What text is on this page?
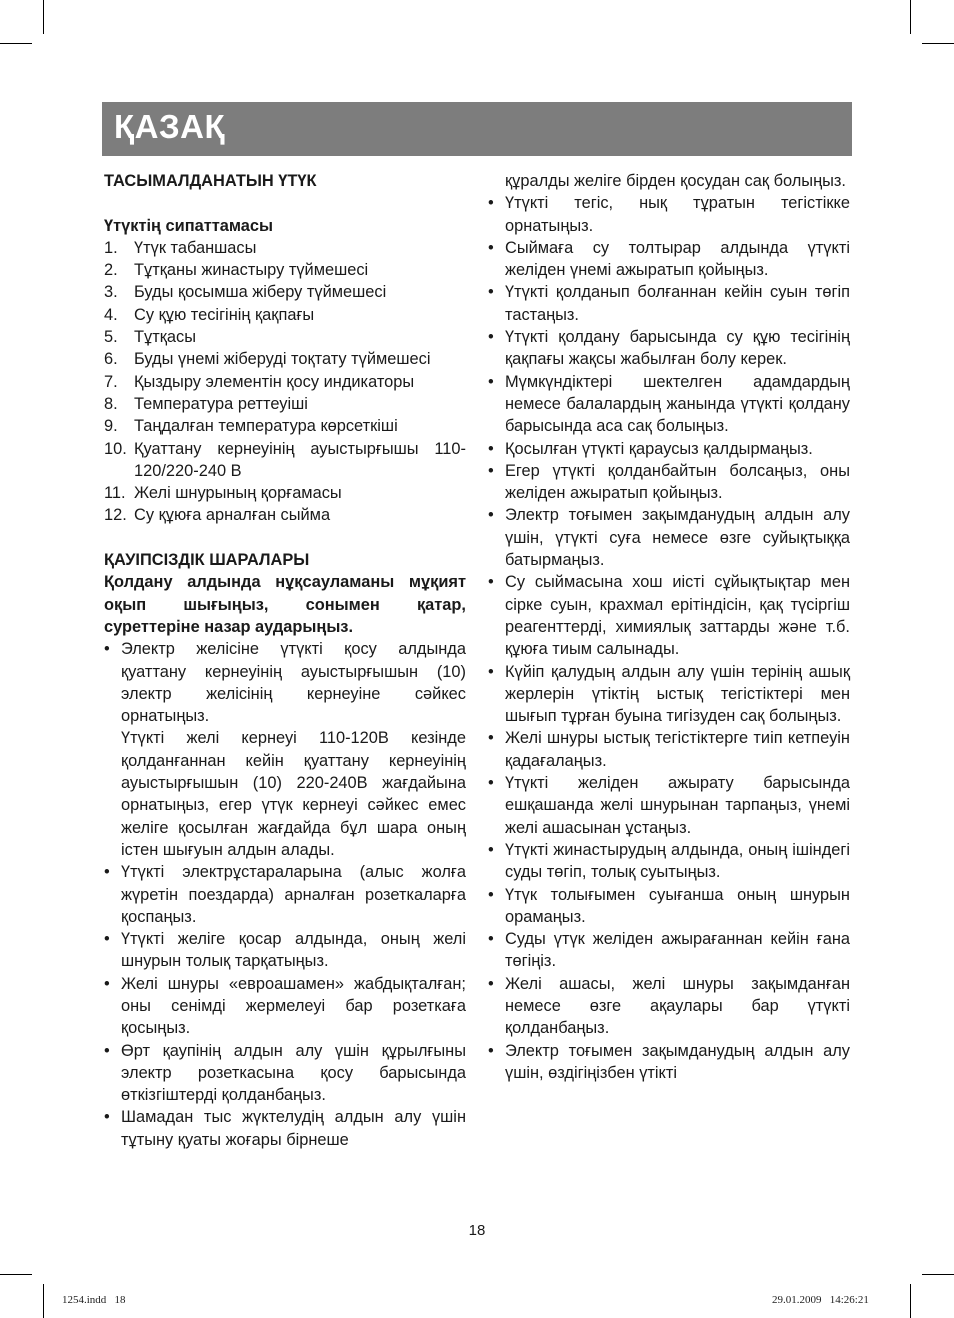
ҚАЗАҚ
ТАСЫМАЛДАНАТЫН ҮТҮК
Үтүктің сипаттамасы
1. Үтүк табаншасы
2. Тұтқаны жинастыру түймешесі
3. Буды қосымша жіберу түймешесі
4. Су құю тесігінің қақпағы
5. Тұтқасы
6. Буды үнемі жіберуді тоқтату түймешесі
7. Қыздыру элементін қосу индикаторы
8. Температура реттеуіші
9. Таңдалған температура көрсеткіші
10. Қуаттану кернеуінің ауыстырғышы 110-120/220-240 В
11. Желі шнурының қорғамасы
12. Су құюға арналған сыйма
ҚАУІПСІЗДІК ШАРАЛАРЫ

Қолдану алдында нұқсауламаны мұқият оқып шығыңыз, сонымен қатар, суреттеріне назар аударыңыз.

• Электр желісіне үтүкті қосу алдында қуаттану кернеуінің ауыстырғышын (10) электр желісінің кернеуіне сәйкес орнатыңыз.

Үтүкті желі кернеуі 110-120В кезінде қолданғаннан кейін қуаттану кернеуінің ауыстырғышын (10) 220-240В жағдайына орнатыңыз, егер үтүк кернеуі сәйкес емес желіге қосылған жағдайда бұл шара оның істен шығуын алдын алады.

• Үтүкті электрұстараларына (алыс жолға жүретін поездарда) арналған розеткаларға қоспаңыз.
• Үтүкті желіге қосар алдында, оның желі шнурын толық тарқатыңыз.
• Желі шнуры «евроашамен» жабдықталған; оны сенімді жермелеуі бар розеткаға қосыңыз.
• Өрт қаупінің алдын алу үшін құрылғыны электр розеткасына қосу барысында өткізгіштерді қолданбаңыз.
• Шамадан тыс жүктелудің алдын алу үшін тұтыну қуаты жоғары бірнеше

құралды желіге бірден қосудан сақ болыңыз.

• Үтүкті тегіс, нық тұратын тегістікке орнатыңыз.
• Сыймаға су толтырар алдында үтүкті желіден үнемі ажыратып қойыңыз.
• Үтүкті қолданып болғаннан кейін суын төгіп тастаңыз.
• Үтүкті қолдану барысында су құю тесігінің қақпағы жақсы жабылған болу керек.
• Мүмкүндіктері шектелген адамдардың немесе балалардың жанында үтүкті қолдану барысында аса сақ болыңыз.
• Қосылған үтүкті қараусыз қалдырмаңыз.
• Егер үтүкті қолданбайтын болсаңыз, оны желіден ажыратып қойыңыз.
• Электр тоғымен зақымданудың алдын алу үшін, үтүкті суға немесе өзге суйықтыққа батырмаңыз.
• Су сыймасына хош иісті сұйықтықтар мен сірке суын, крахмал ерітіндісін, қақ түсіргіш реагенттерді, химиялық заттарды және т.б. құюға тиым салынады.
• Күйіп қалудың алдын алу үшін терінің ашық жерлерін үтіктің ыстық тегістіктері мен шығып тұрған буына тигізуден сақ болыңыз.
• Желі шнуры ыстық тегістіктерге тиіп кетпеуін қадағалаңыз.
• Үтүкті желіден ажырату барысында ешқашанда желі шнурынан тарпаңыз, үнемі желі ашасынан ұстаңыз.
• Үтүкті жинастырудың алдында, оның ішіндегі суды төгіп, толық суытыңыз.
• Үтүк толығымен суығанша оның шнурын орамаңыз.
• Суды үтүк желіден ажырағаннан кейін ғана төгіңіз.
• Желі ашасы, желі шнуры зақымданған немесе өзге ақаулары бар үтүкті қолданбаңыз.
• Электр тоғымен зақымданудың алдын алу үшін, өздігіңізбен үтікті
18
1254.indd   18	29.01.2009   14:26:21
